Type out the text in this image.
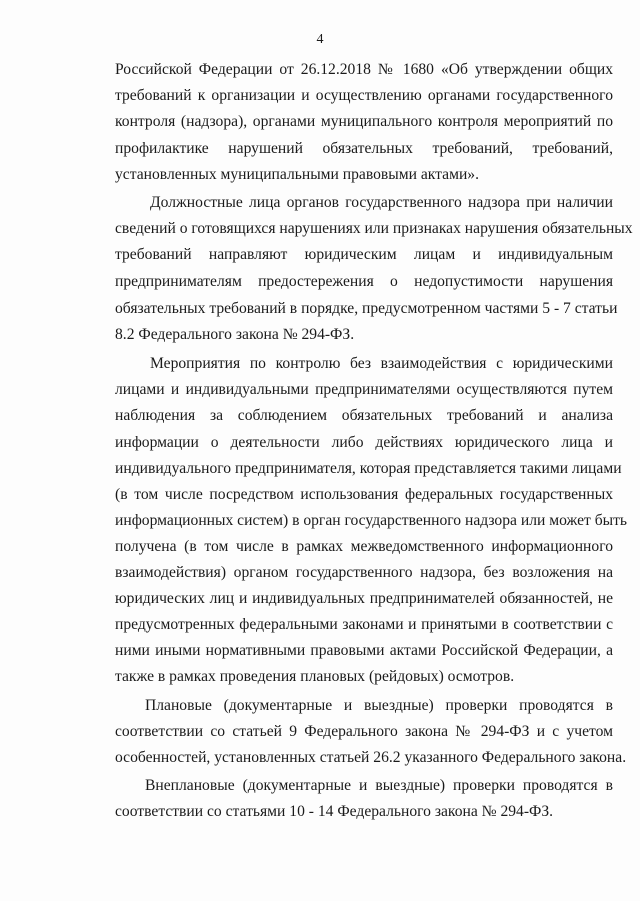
4
Российской Федерации от 26.12.2018 № 1680 «Об утверждении общих
требований к организации и осуществлению органами государственного
контроля (надзора), органами муниципального контроля мероприятий по
профилактике нарушений обязательных требований, требований,
установленных муниципальными правовыми актами».
Должностные лица органов государственного надзора при наличии
сведений о готовящихся нарушениях или признаках нарушения обязательных
требований направляют юридическим лицам и индивидуальным
предпринимателям предостережения о недопустимости нарушения
обязательных требований в порядке, предусмотренном частями 5 - 7 статьи
8.2 Федерального закона № 294-ФЗ.
Мероприятия по контролю без взаимодействия с юридическими
лицами и индивидуальными предпринимателями осуществляются путем
наблюдения за соблюдением обязательных требований и анализа
информации о деятельности либо действиях юридического лица и
индивидуального предпринимателя, которая представляется такими лицами
(в том числе посредством использования федеральных государственных
информационных систем) в орган государственного надзора или может быть
получена (в том числе в рамках межведомственного информационного
взаимодействия) органом государственного надзора, без возложения на
юридических лиц и индивидуальных предпринимателей обязанностей, не
предусмотренных федеральными законами и принятыми в соответствии с
ними иными нормативными правовыми актами Российской Федерации, а
также в рамках проведения плановых (рейдовых) осмотров.
Плановые (документарные и выездные) проверки проводятся в
соответствии со статьей 9 Федерального закона № 294-ФЗ и с учетом
особенностей, установленных статьей 26.2 указанного Федерального закона.
Внеплановые (документарные и выездные) проверки проводятся в
соответствии со статьями 10 - 14 Федерального закона № 294-ФЗ.
